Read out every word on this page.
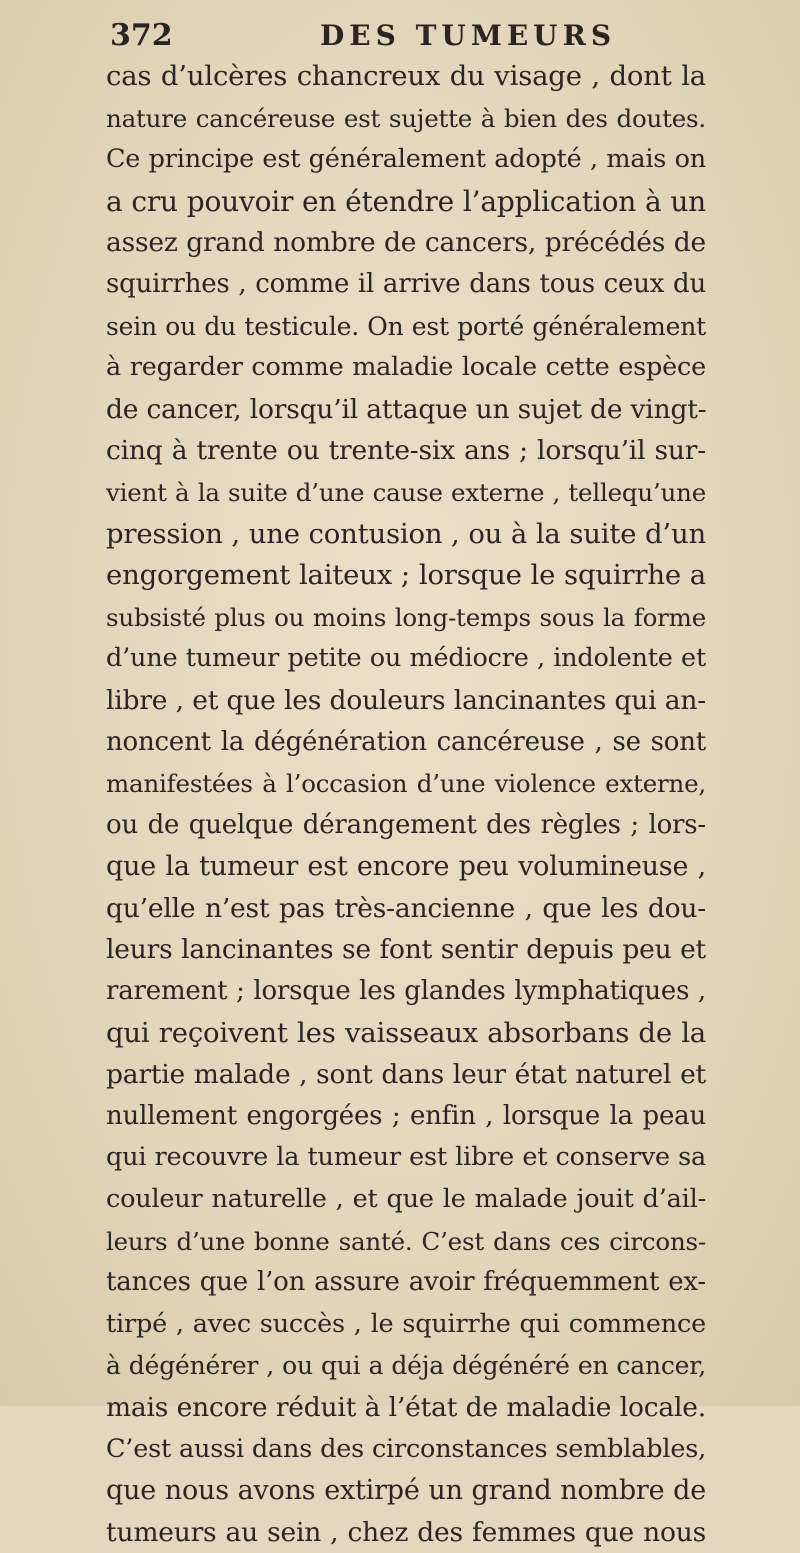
372	DES TUMEURS
cas d’ulcères chancreux du visage , dont la
nature cancéreuse est sujette à bien des doutes.
Ce principe est généralement adopté , mais on
a cru pouvoir en étendre l’application à un
assez grand nombre de cancers, précédés de
squirrhes , comme il arrive dans tous ceux du
sein ou du testicule. On est porté généralement
à regarder comme maladie locale cette espèce
de cancer, lorsqu’il attaque un sujet de vingt-
cinq à trente ou trente-six ans ; lorsqu’il sur-
vient à la suite d’une cause externe , tellequ’une
pression , une contusion , ou à la suite d’un
engorgement laiteux ; lorsque le squirrhe a
subsisté plus ou moins long-temps sous la forme
d’une tumeur petite ou médiocre , indolente et
libre , et que les douleurs lancinantes qui an-
noncent la dégénération cancéreuse , se sont
manifestées à l’occasion d’une violence externe,
ou de quelque dérangement des règles ; lors-
que la tumeur est encore peu volumineuse ,
qu’elle n’est pas très-ancienne , que les dou-
leurs lancinantes se font sentir depuis peu et
rarement ; lorsque les glandes lymphatiques ,
qui reçoivent les vaisseaux absorbans de la
partie malade , sont dans leur état naturel et
nullement engorgées ; enfin , lorsque la peau
qui recouvre la tumeur est libre et conserve sa
couleur naturelle , et que le malade jouit d’ail-
leurs d’une bonne santé. C’est dans ces circons-
tances que l’on assure avoir fréquemment ex-
tirpé , avec succès , le squirrhe qui commence
à dégénérer , ou qui a déja dégénéré en cancer,
mais encore réduit à l’état de maladie locale.
C’est aussi dans des circonstances semblables,
que nous avons extirpé un grand nombre de
tumeurs au sein , chez des femmes que nous
